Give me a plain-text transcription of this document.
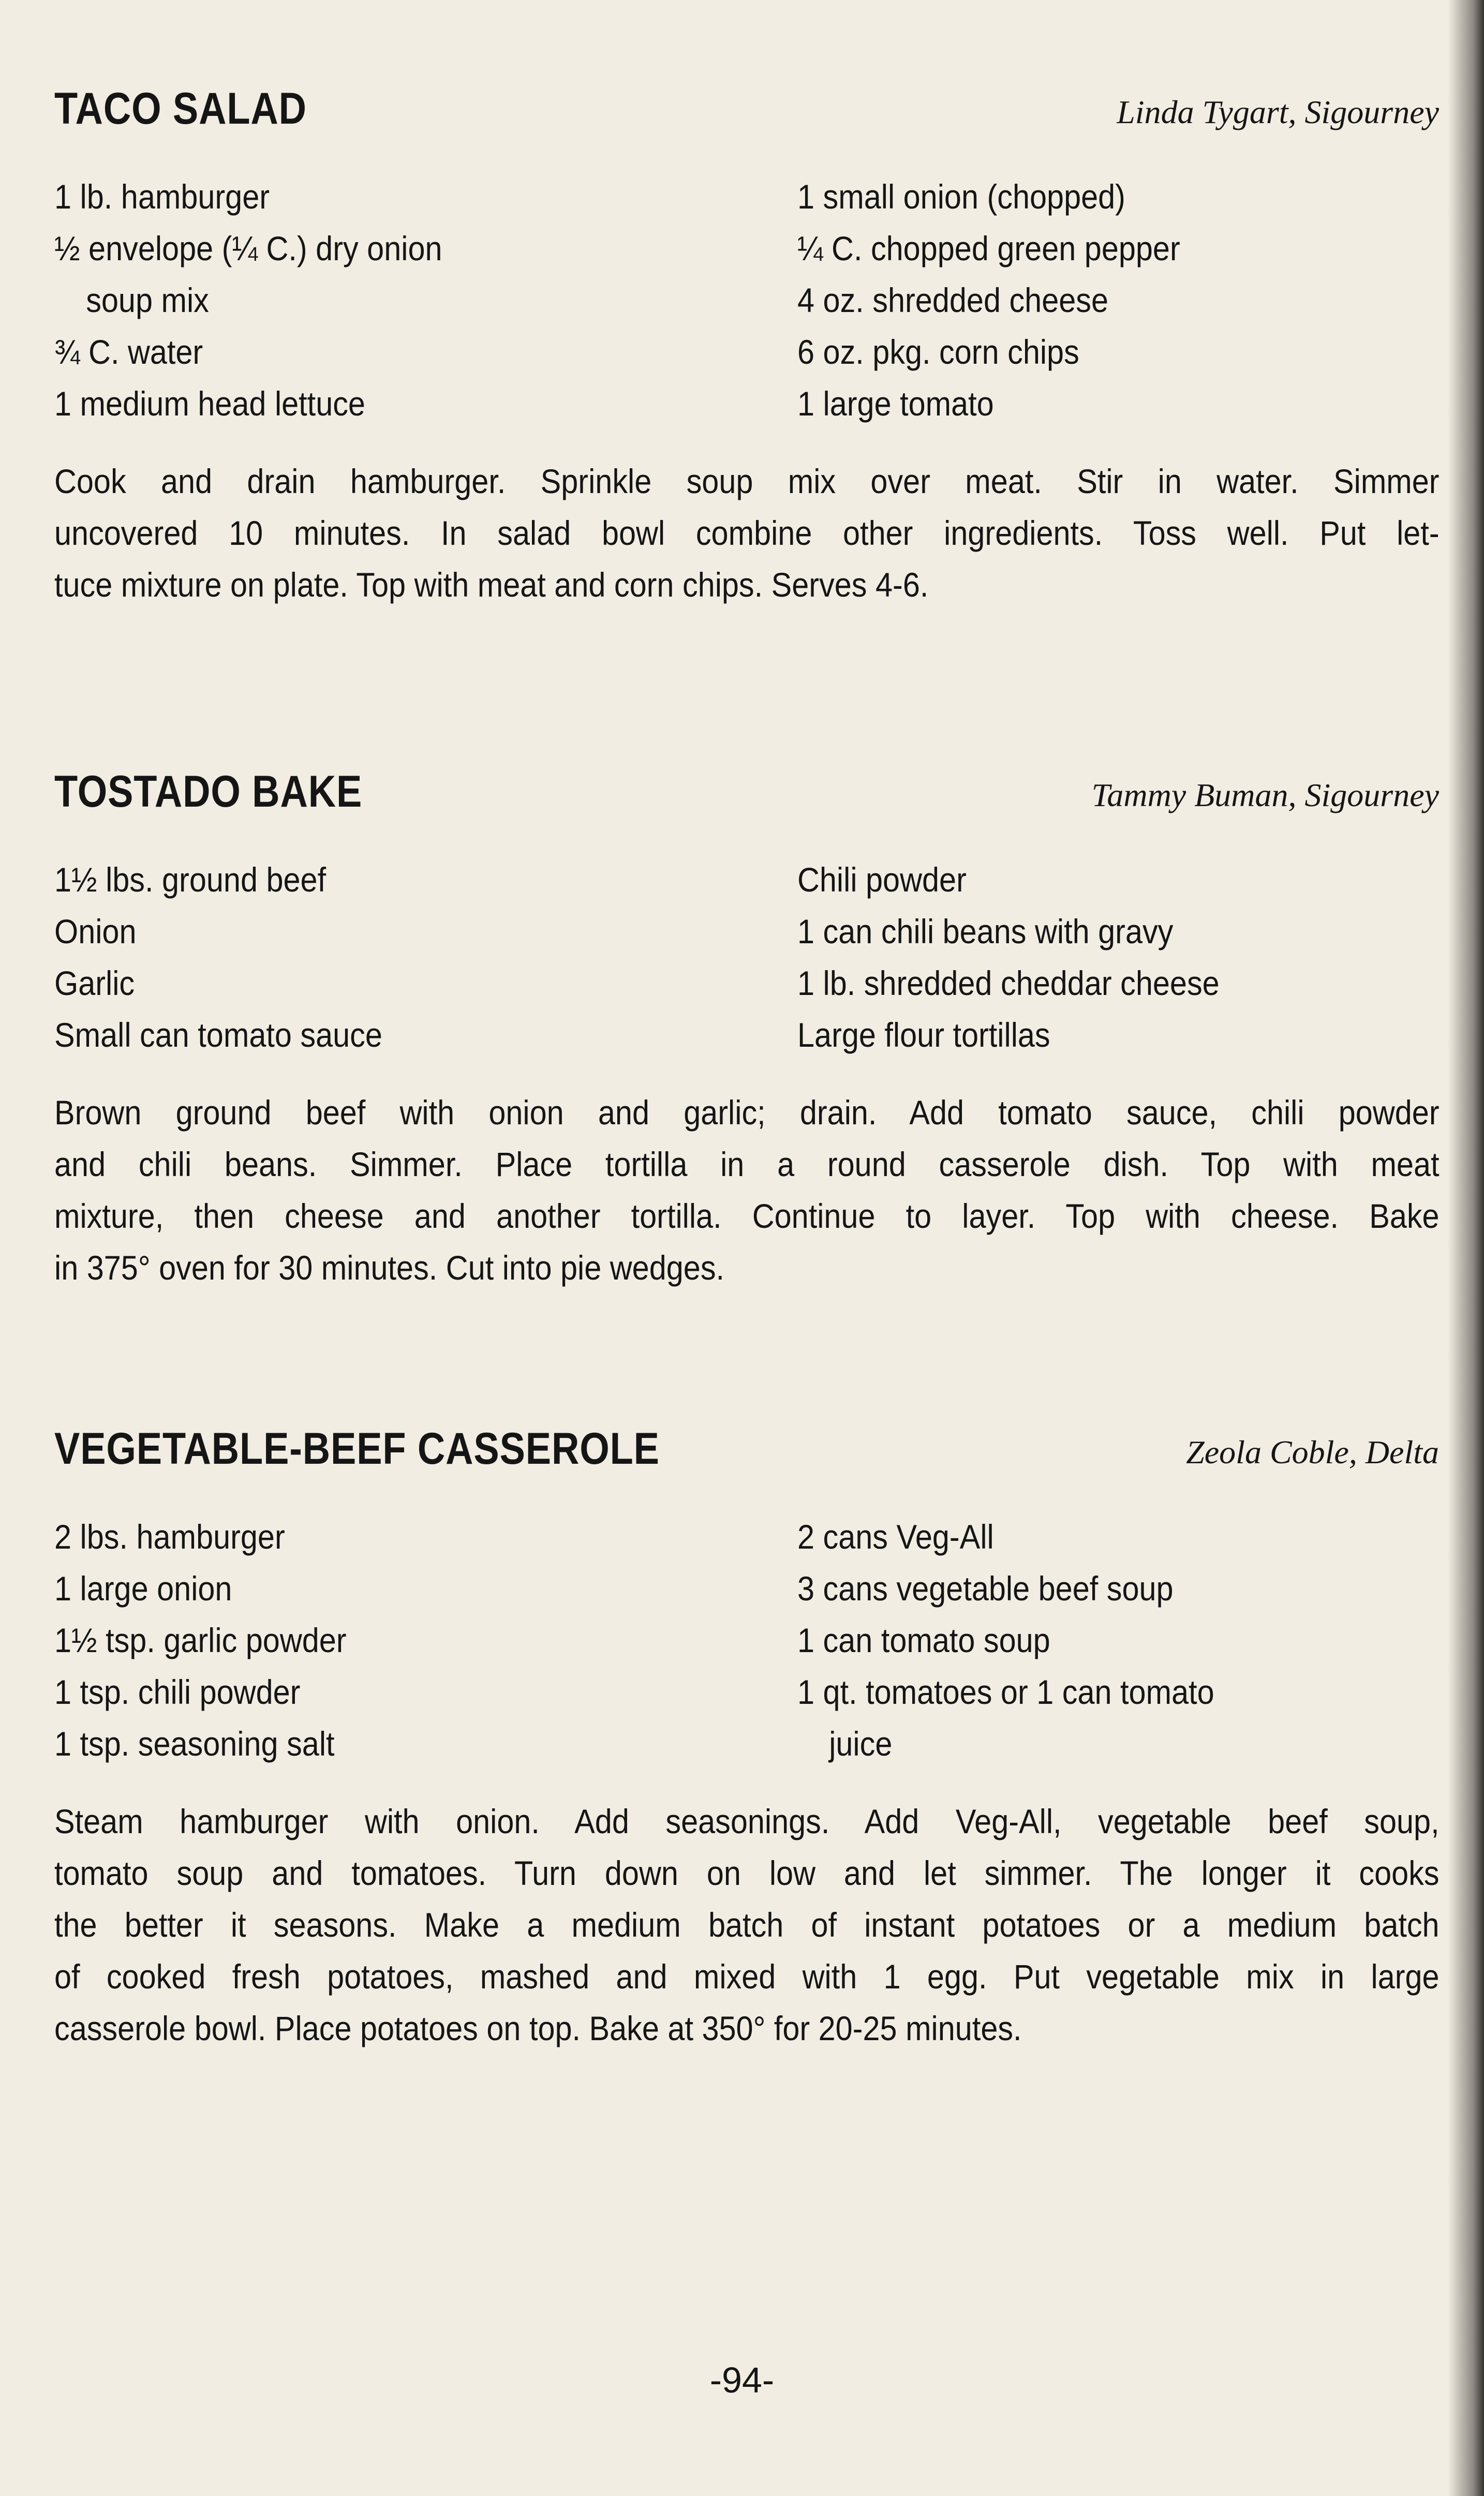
TACO SALAD	Linda Tygart, Sigourney
1 lb. hamburger
½ envelope (¼ C.) dry onion
soup mix
¾ C. water
1 medium head lettuce
1 small onion (chopped)
¼ C. chopped green pepper
4 oz. shredded cheese
6 oz. pkg. corn chips
1 large tomato
Cook and drain hamburger. Sprinkle soup mix over meat. Stir in water. Simmer
uncovered 10 minutes. In salad bowl combine other ingredients. Toss well. Put let-
tuce mixture on plate. Top with meat and corn chips. Serves 4-6.
TOSTADO BAKE	Tammy Buman, Sigourney
1½ lbs. ground beef
Onion
Garlic
Small can tomato sauce
Chili powder
1 can chili beans with gravy
1 lb. shredded cheddar cheese
Large flour tortillas
Brown ground beef with onion and garlic; drain. Add tomato sauce, chili powder
and chili beans. Simmer. Place tortilla in a round casserole dish. Top with meat
mixture, then cheese and another tortilla. Continue to layer. Top with cheese. Bake
in 375° oven for 30 minutes. Cut into pie wedges.
VEGETABLE-BEEF CASSEROLE	Zeola Coble, Delta
2 lbs. hamburger
1 large onion
1½ tsp. garlic powder
1 tsp. chili powder
1 tsp. seasoning salt
2 cans Veg-All
3 cans vegetable beef soup
1 can tomato soup
1 qt. tomatoes or 1 can tomato
juice
Steam hamburger with onion. Add seasonings. Add Veg-All, vegetable beef soup,
tomato soup and tomatoes. Turn down on low and let simmer. The longer it cooks
the better it seasons. Make a medium batch of instant potatoes or a medium batch
of cooked fresh potatoes, mashed and mixed with 1 egg. Put vegetable mix in large
casserole bowl. Place potatoes on top. Bake at 350° for 20-25 minutes.
-94-
